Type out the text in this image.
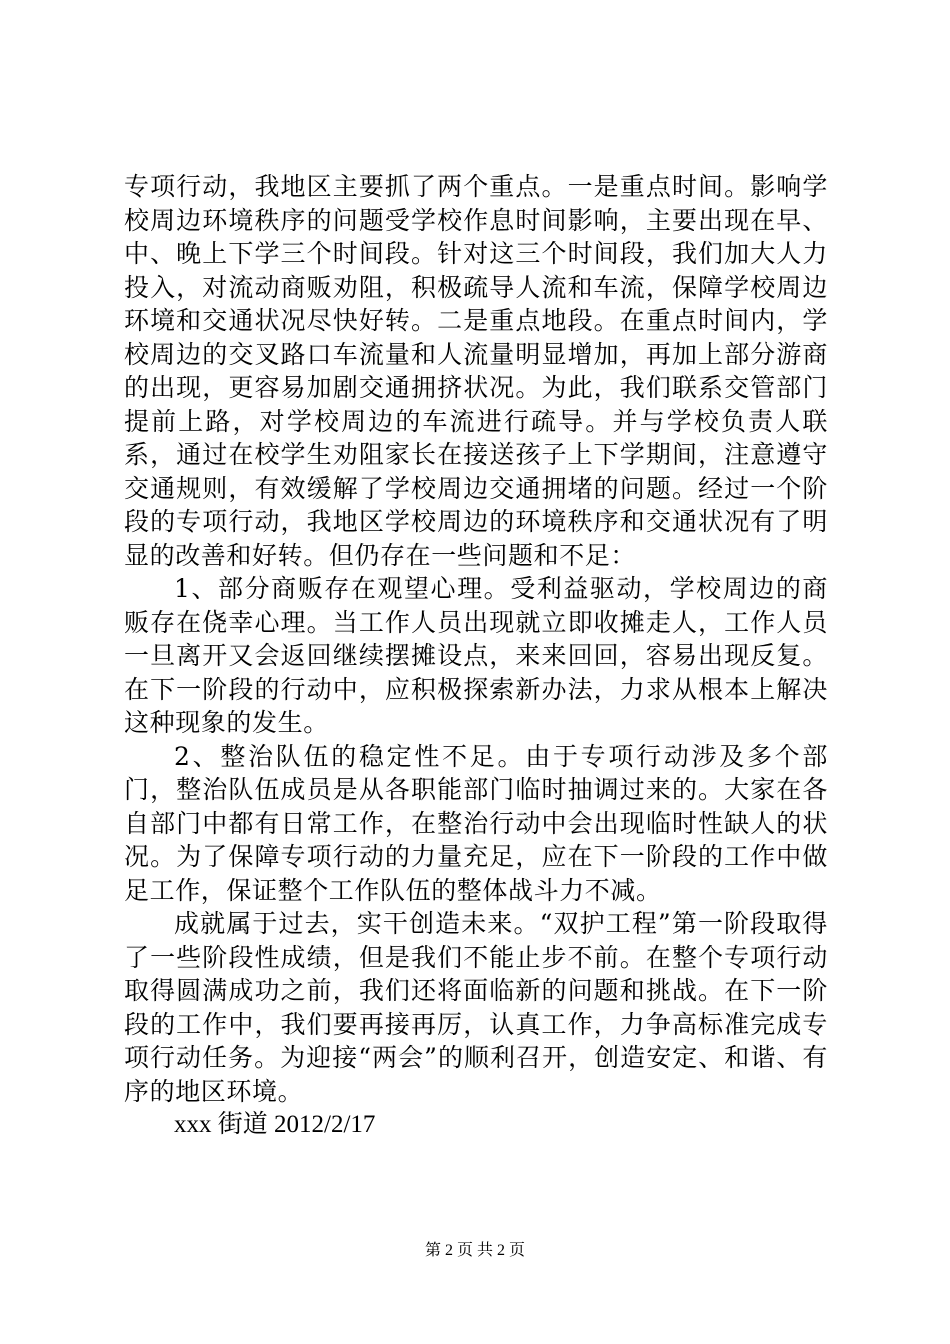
专项行动，我地区主要抓了两个重点。一是重点时间。影响学校周边环境秩序的问题受学校作息时间影响，主要出现在早、中、晚上下学三个时间段。针对这三个时间段，我们加大人力投入，对流动商贩劝阻，积极疏导人流和车流，保障学校周边环境和交通状况尽快好转。二是重点地段。在重点时间内，学校周边的交叉路口车流量和人流量明显增加，再加上部分游商的出现，更容易加剧交通拥挤状况。为此，我们联系交管部门提前上路，对学校周边的车流进行疏导。并与学校负责人联系，通过在校学生劝阻家长在接送孩子上下学期间，注意遵守交通规则，有效缓解了学校周边交通拥堵的问题。经过一个阶段的专项行动，我地区学校周边的环境秩序和交通状况有了明显的改善和好转。但仍存在一些问题和不足：

1、部分商贩存在观望心理。受利益驱动，学校周边的商贩存在侥幸心理。当工作人员出现就立即收摊走人，工作人员一旦离开又会返回继续摆摊设点，来来回回，容易出现反复。在下一阶段的行动中，应积极探索新办法，力求从根本上解决这种现象的发生。

2、整治队伍的稳定性不足。由于专项行动涉及多个部门，整治队伍成员是从各职能部门临时抽调过来的。大家在各自部门中都有日常工作，在整治行动中会出现临时性缺人的状况。为了保障专项行动的力量充足，应在下一阶段的工作中做足工作，保证整个工作队伍的整体战斗力不减。

成就属于过去，实干创造未来。“双护工程”第一阶段取得了一些阶段性成绩，但是我们不能止步不前。在整个专项行动取得圆满成功之前，我们还将面临新的问题和挑战。在下一阶段的工作中，我们要再接再厉，认真工作，力争高标准完成专项行动任务。为迎接“两会”的顺利召开，创造安定、和谐、有序的地区环境。

xxx 街道 2012/2/17

第 2 页 共 2 页
